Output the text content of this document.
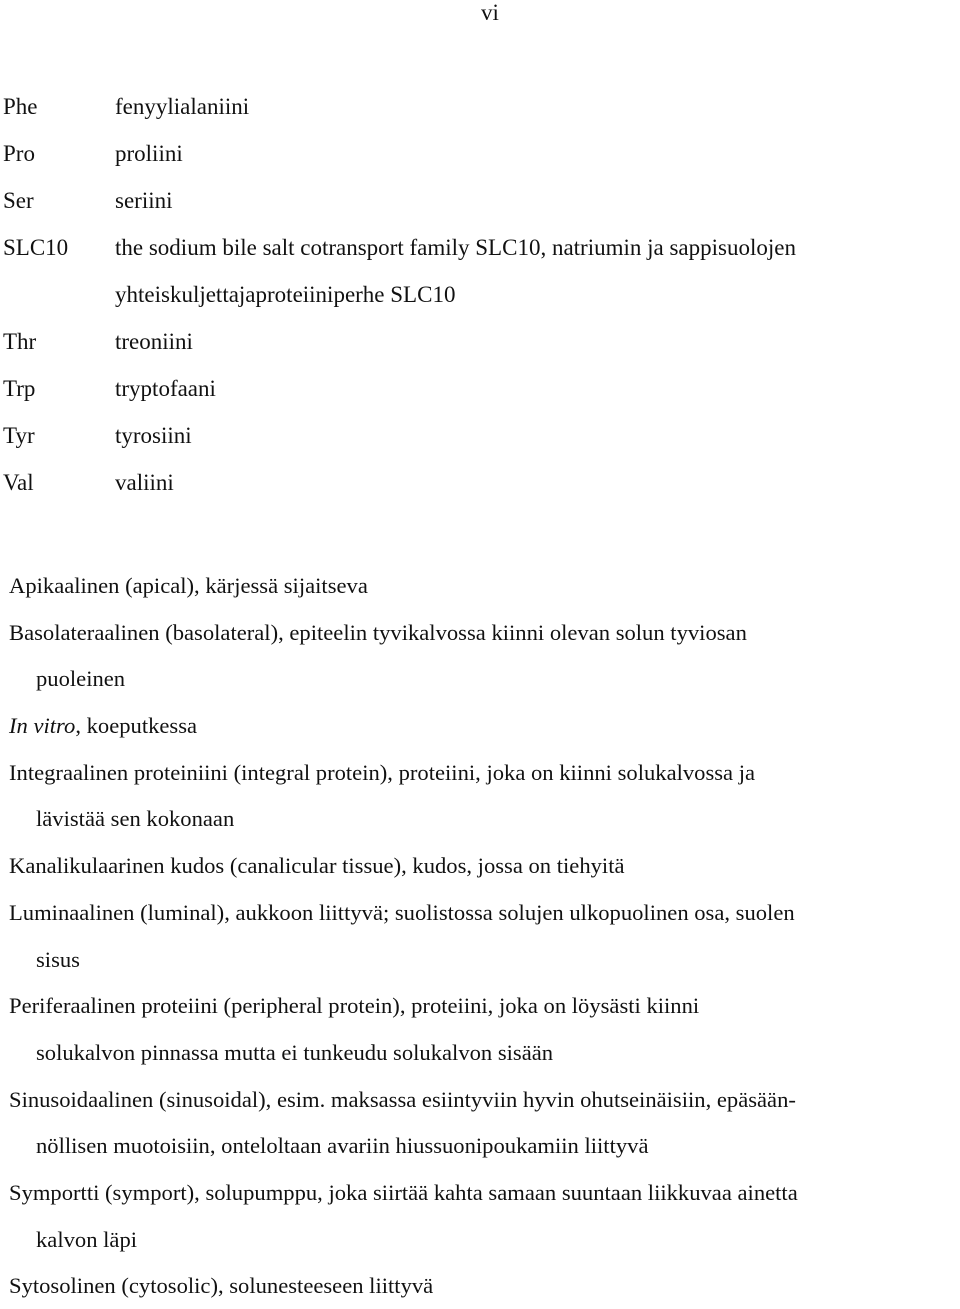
vi
Phe	fenyylialaniini
Pro	proliini
Ser	seriini
SLC10	the sodium bile salt cotransport family SLC10, natriumin ja sappisuolojen
yhteiskuljettajaproteiiniperhe SLC10
Thr	treoniini
Trp	tryptofaani
Tyr	tyrosiini
Val	valiini
Apikaalinen (apical), kärjessä sijaitseva
Basolateraalinen (basolateral), epiteelin tyvikalvossa kiinni olevan solun tyviosan
puoleinen
In vitro, koeputkessa
Integraalinen proteiniini (integral protein), proteiini, joka on kiinni solukalvossa ja
lävistää sen kokonaan
Kanalikulaarinen kudos (canalicular tissue), kudos, jossa on tiehyitä
Luminaalinen (luminal), aukkoon liittyvä; suolistossa solujen ulkopuolinen osa, suolen
sisus
Periferaalinen proteiini (peripheral protein), proteiini, joka on löysästi kiinni
solukalvon pinnassa mutta ei tunkeudu solukalvon sisään
Sinusoidaalinen (sinusoidal), esim. maksassa esiintyviin hyvin ohutseinäisiin, epäsään-
nöllisen muotoisiin, onteloltaan avariin hiussuonipoukamiin liittyvä
Symportti (symport), solupumppu, joka siirtää kahta samaan suuntaan liikkuvaa ainetta
kalvon läpi
Sytosolinen (cytosolic), solunesteeseen liittyvä
